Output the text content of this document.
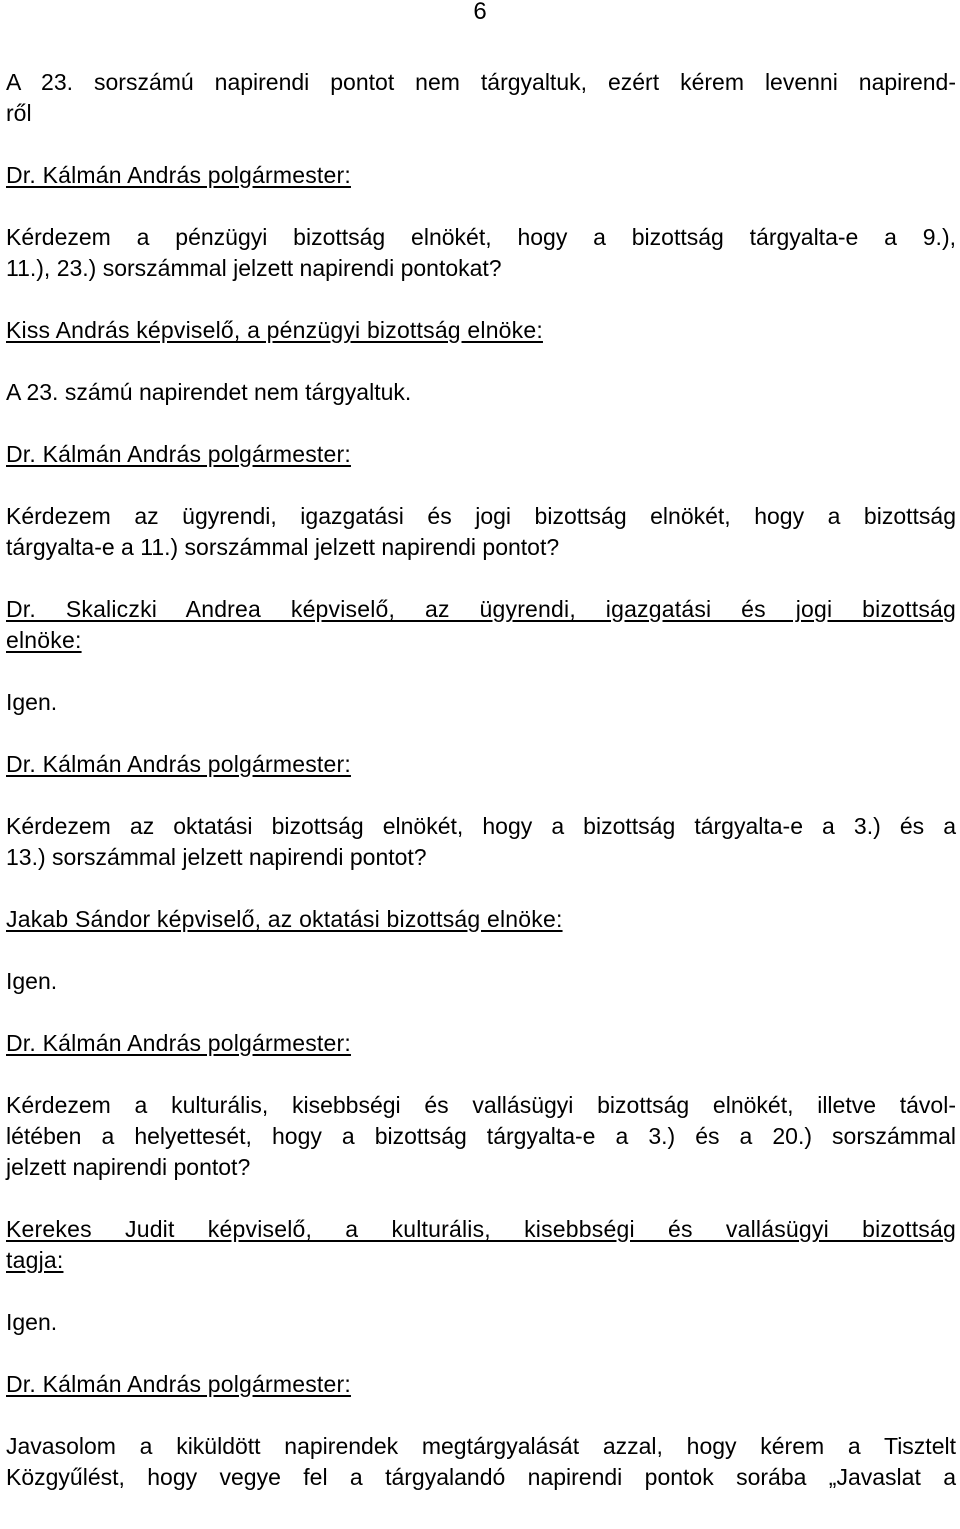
6

A 23. sorszámú napirendi pontot nem tárgyaltuk, ezért kérem levenni napirend-

ről

Dr. Kálmán András polgármester:

Kérdezem a pénzügyi bizottság elnökét, hogy a bizottság tárgyalta-e a 9.),

11.), 23.) sorszámmal jelzett napirendi pontokat?

Kiss András képviselő, a pénzügyi bizottság elnöke:

A 23. számú napirendet nem tárgyaltuk.

Dr. Kálmán András polgármester:

Kérdezem az ügyrendi, igazgatási és jogi bizottság elnökét, hogy a bizottság

tárgyalta-e a 11.) sorszámmal jelzett napirendi pontot?

Dr. Skaliczki Andrea képviselő, az ügyrendi, igazgatási és jogi bizottság

elnöke:

Igen.

Dr. Kálmán András polgármester:

Kérdezem az oktatási bizottság elnökét, hogy a bizottság tárgyalta-e a 3.) és a

13.) sorszámmal jelzett napirendi pontot?

Jakab Sándor képviselő, az oktatási bizottság elnöke:

Igen.

Dr. Kálmán András polgármester:

Kérdezem a kulturális, kisebbségi és vallásügyi bizottság elnökét, illetve távol-

létében a helyettesét, hogy a bizottság tárgyalta-e a 3.) és a 20.) sorszámmal

jelzett napirendi pontot?

Kerekes Judit képviselő, a kulturális, kisebbségi és vallásügyi bizottság

tagja:

Igen.

Dr. Kálmán András polgármester:

Javasolom a kiküldött napirendek megtárgyalását azzal, hogy kérem a Tisztelt

Közgyűlést, hogy vegye fel a tárgyalandó napirendi pontok sorába „Javaslat a
